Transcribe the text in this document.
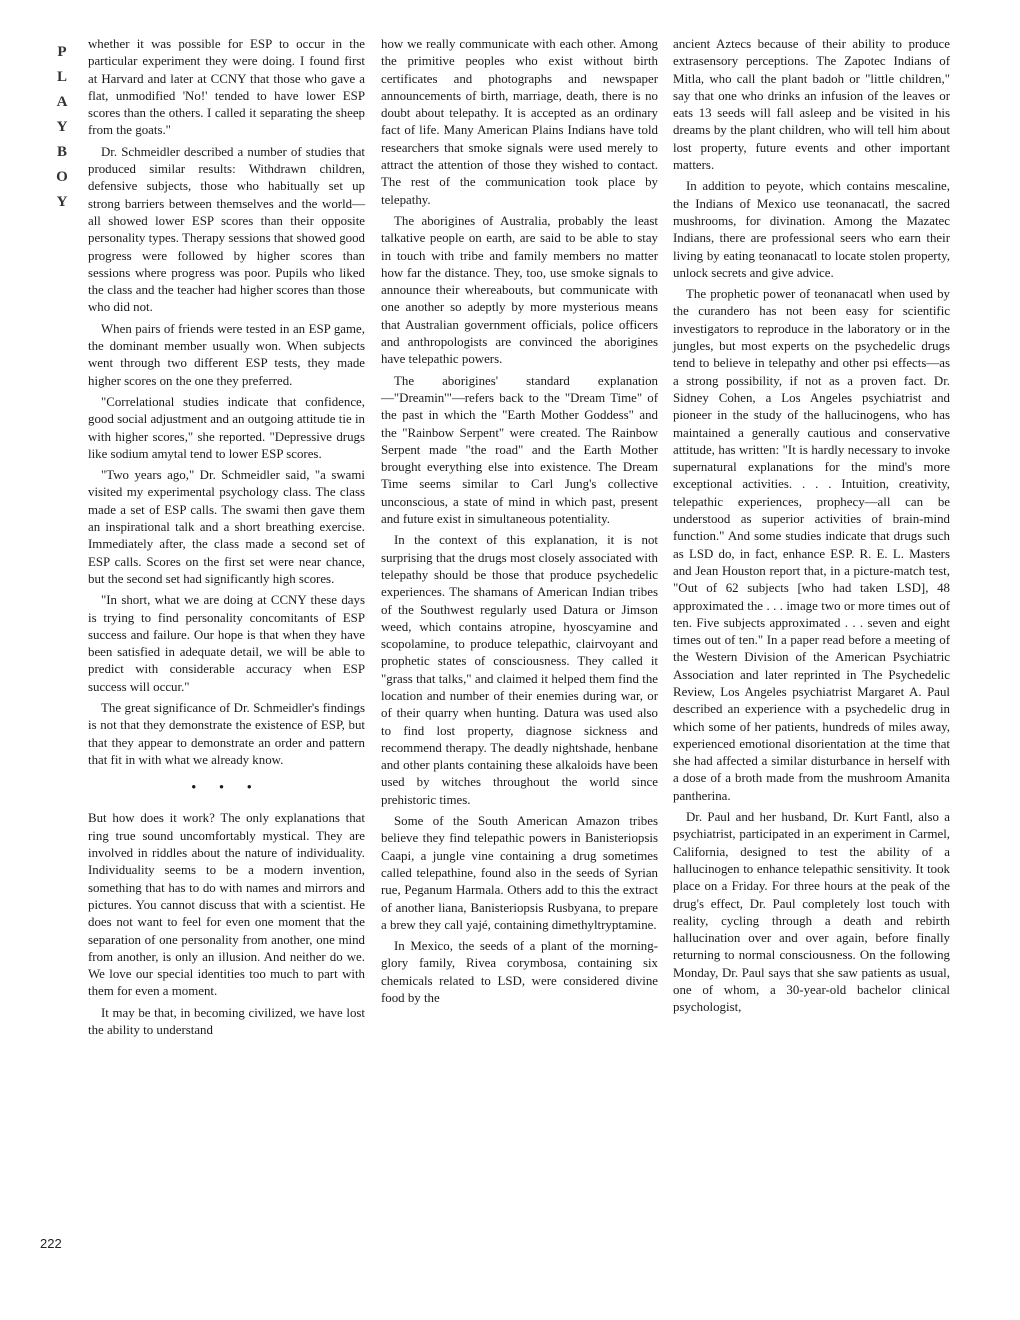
P
L
A
Y
B
O
Y
222

whether it was possible for ESP to occur in the particular experiment they were doing. I found first at Harvard and later at CCNY that those who gave a flat, unmodified 'No!' tended to have lower ESP scores than the others. I called it separating the sheep from the goats."

Dr. Schmeidler described a number of studies that produced similar results: Withdrawn children, defensive subjects, those who habitually set up strong barriers between themselves and the world—all showed lower ESP scores than their opposite personality types. Therapy sessions that showed good progress were followed by higher scores than sessions where progress was poor. Pupils who liked the class and the teacher had higher scores than those who did not.

When pairs of friends were tested in an ESP game, the dominant member usually won. When subjects went through two different ESP tests, they made higher scores on the one they preferred.

"Correlational studies indicate that confidence, good social adjustment and an outgoing attitude tie in with higher scores," she reported. "Depressive drugs like sodium amytal tend to lower ESP scores.

"Two years ago," Dr. Schmeidler said, "a swami visited my experimental psychology class. The class made a set of ESP calls. The swami then gave them an inspirational talk and a short breathing exercise. Immediately after, the class made a second set of ESP calls. Scores on the first set were near chance, but the second set had significantly high scores.

"In short, what we are doing at CCNY these days is trying to find personality concomitants of ESP success and failure. Our hope is that when they have been satisfied in adequate detail, we will be able to predict with considerable accuracy when ESP success will occur."

The great significance of Dr. Schmeidler's findings is not that they demonstrate the existence of ESP, but that they appear to demonstrate an order and pattern that fit in with what we already know.

• • •

But how does it work? The only explanations that ring true sound uncomfortably mystical. They are involved in riddles about the nature of individuality. Individuality seems to be a modern invention, something that has to do with names and mirrors and pictures. You cannot discuss that with a scientist. He does not want to feel for even one moment that the separation of one personality from another, one mind from another, is only an illusion. And neither do we. We love our special identities too much to part with them for even a moment.

It may be that, in becoming civilized, we have lost the ability to understand

how we really communicate with each other. Among the primitive peoples who exist without birth certificates and photographs and newspaper announcements of birth, marriage, death, there is no doubt about telepathy. It is accepted as an ordinary fact of life. Many American Plains Indians have told researchers that smoke signals were used merely to attract the attention of those they wished to contact. The rest of the communication took place by telepathy.

The aborigines of Australia, probably the least talkative people on earth, are said to be able to stay in touch with tribe and family members no matter how far the distance. They, too, use smoke signals to announce their whereabouts, but communicate with one another so adeptly by more mysterious means that Australian government officials, police officers and anthropologists are convinced the aborigines have telepathic powers.

The aborigines' standard explanation —"Dreamin'"—refers back to the "Dream Time" of the past in which the "Earth Mother Goddess" and the "Rainbow Serpent" were created. The Rainbow Serpent made "the road" and the Earth Mother brought everything else into existence. The Dream Time seems similar to Carl Jung's collective unconscious, a state of mind in which past, present and future exist in simultaneous potentiality.

In the context of this explanation, it is not surprising that the drugs most closely associated with telepathy should be those that produce psychedelic experiences. The shamans of American Indian tribes of the Southwest regularly used Datura or Jimson weed, which contains atropine, hyoscyamine and scopolamine, to produce telepathic, clairvoyant and prophetic states of consciousness. They called it "grass that talks," and claimed it helped them find the location and number of their enemies during war, or of their quarry when hunting. Datura was used also to find lost property, diagnose sickness and recommend therapy. The deadly nightshade, henbane and other plants containing these alkaloids have been used by witches throughout the world since prehistoric times.

Some of the South American Amazon tribes believe they find telepathic powers in Banisteriopsis Caapi, a jungle vine containing a drug sometimes called telepathine, found also in the seeds of Syrian rue, Peganum Harmala. Others add to this the extract of another liana, Banisteriopsis Rusbyana, to prepare a brew they call yajé, containing dimethyltryptamine.

In Mexico, the seeds of a plant of the morning-glory family, Rivea corymbosa, containing six chemicals related to LSD, were considered divine food by the

ancient Aztecs because of their ability to produce extrasensory perceptions. The Zapotec Indians of Mitla, who call the plant badoh or "little children," say that one who drinks an infusion of the leaves or eats 13 seeds will fall asleep and be visited in his dreams by the plant children, who will tell him about lost property, future events and other important matters.

In addition to peyote, which contains mescaline, the Indians of Mexico use teonanacatl, the sacred mushrooms, for divination. Among the Mazatec Indians, there are professional seers who earn their living by eating teonanacatl to locate stolen property, unlock secrets and give advice.

The prophetic power of teonanacatl when used by the curandero has not been easy for scientific investigators to reproduce in the laboratory or in the jungles, but most experts on the psychedelic drugs tend to believe in telepathy and other psi effects—as a strong possibility, if not as a proven fact. Dr. Sidney Cohen, a Los Angeles psychiatrist and pioneer in the study of the hallucinogens, who has maintained a generally cautious and conservative attitude, has written: "It is hardly necessary to invoke supernatural explanations for the mind's more exceptional activities. . . . Intuition, creativity, telepathic experiences, prophecy—all can be understood as superior activities of brain-mind function." And some studies indicate that drugs such as LSD do, in fact, enhance ESP. R. E. L. Masters and Jean Houston report that, in a picture-match test, "Out of 62 subjects [who had taken LSD], 48 approximated the . . . image two or more times out of ten. Five subjects approximated . . . seven and eight times out of ten." In a paper read before a meeting of the Western Division of the American Psychiatric Association and later reprinted in The Psychedelic Review, Los Angeles psychiatrist Margaret A. Paul described an experience with a psychedelic drug in which some of her patients, hundreds of miles away, experienced emotional disorientation at the time that she had affected a similar disturbance in herself with a dose of a broth made from the mushroom Amanita pantherina.

Dr. Paul and her husband, Dr. Kurt Fantl, also a psychiatrist, participated in an experiment in Carmel, California, designed to test the ability of a hallucinogen to enhance telepathic sensitivity. It took place on a Friday. For three hours at the peak of the drug's effect, Dr. Paul completely lost touch with reality, cycling through a death and rebirth hallucination over and over again, before finally returning to normal consciousness. On the following Monday, Dr. Paul says that she saw patients as usual, one of whom, a 30-year-old bachelor clinical psychologist,
